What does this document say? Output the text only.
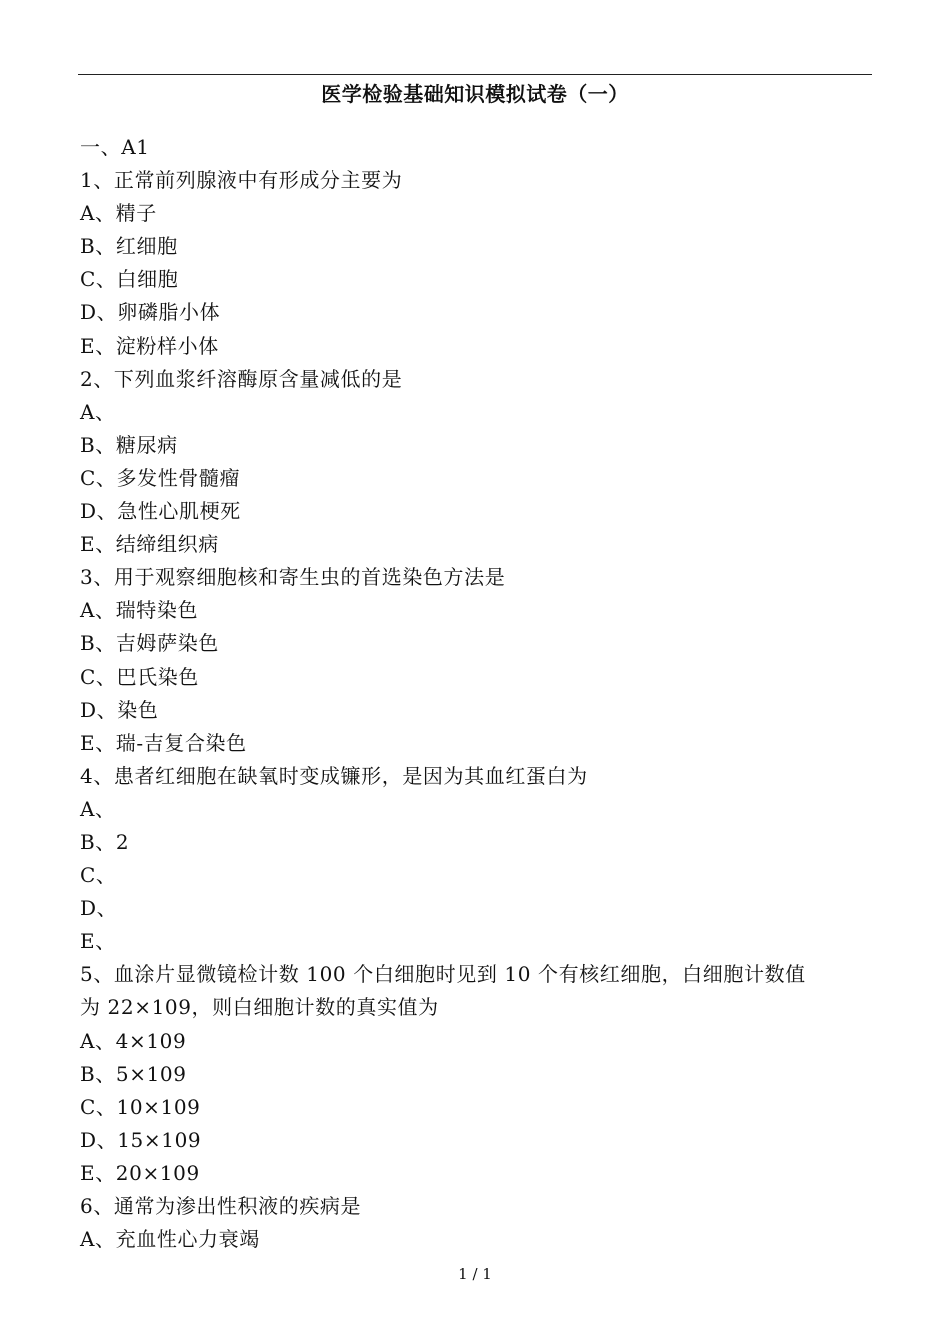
医学检验基础知识模拟试卷（一）
一、A1
1、正常前列腺液中有形成分主要为
A、精子
B、红细胞
C、白细胞
D、卵磷脂小体
E、淀粉样小体
2、下列血浆纤溶酶原含量减低的是
A、
B、糖尿病
C、多发性骨髓瘤
D、急性心肌梗死
E、结缔组织病
3、用于观察细胞核和寄生虫的首选染色方法是
A、瑞特染色
B、吉姆萨染色
C、巴氏染色
D、染色
E、瑞-吉复合染色
4、患者红细胞在缺氧时变成镰形，是因为其血红蛋白为
A、
B、2
C、
D、
E、
5、血涂片显微镜检计数 100 个白细胞时见到 10 个有核红细胞，白细胞计数值
为 22×109，则白细胞计数的真实值为
A、4×109
B、5×109
C、10×109
D、15×109
E、20×109
6、通常为渗出性积液的疾病是
A、充血性心力衰竭
1 / 1
